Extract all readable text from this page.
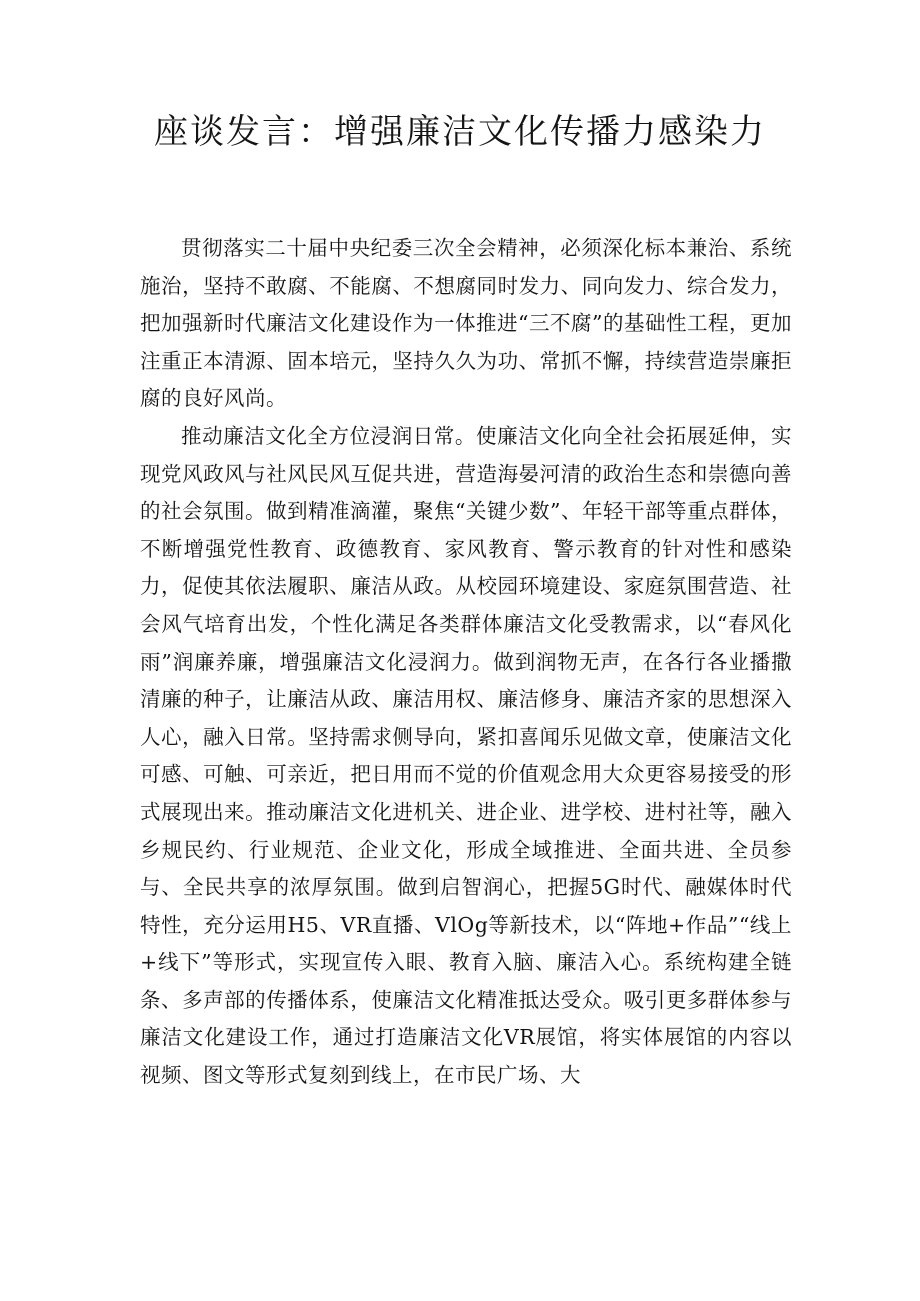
座谈发言：增强廉洁文化传播力感染力

贯彻落实二十届中央纪委三次全会精神，必须深化标本兼治、系统施治，坚持不敢腐、不能腐、不想腐同时发力、同向发力、综合发力，把加强新时代廉洁文化建设作为一体推进“三不腐”的基础性工程，更加注重正本清源、固本培元，坚持久久为功、常抓不懈，持续营造崇廉拒腐的良好风尚。

推动廉洁文化全方位浸润日常。使廉洁文化向全社会拓展延伸，实现党风政风与社风民风互促共进，营造海晏河清的政治生态和崇德向善的社会氛围。做到精准滴灌，聚焦“关键少数”、年轻干部等重点群体，不断增强党性教育、政德教育、家风教育、警示教育的针对性和感染力，促使其依法履职、廉洁从政。从校园环境建设、家庭氛围营造、社会风气培育出发，个性化满足各类群体廉洁文化受教需求，以“春风化雨”润廉养廉，增强廉洁文化浸润力。做到润物无声，在各行各业播撒清廉的种子，让廉洁从政、廉洁用权、廉洁修身、廉洁齐家的思想深入人心，融入日常。坚持需求侧导向，紧扣喜闻乐见做文章，使廉洁文化可感、可触、可亲近，把日用而不觉的价值观念用大众更容易接受的形式展现出来。推动廉洁文化进机关、进企业、进学校、进村社等，融入乡规民约、行业规范、企业文化，形成全域推进、全面共进、全员参与、全民共享的浓厚氛围。做到启智润心，把握5G时代、融媒体时代特性，充分运用H5、VR直播、VlOg等新技术，以“阵地+作品”“线上+线下”等形式，实现宣传入眼、教育入脑、廉洁入心。系统构建全链条、多声部的传播体系，使廉洁文化精准抵达受众。吸引更多群体参与廉洁文化建设工作，通过打造廉洁文化VR展馆，将实体展馆的内容以视频、图文等形式复刻到线上，在市民广场、大
